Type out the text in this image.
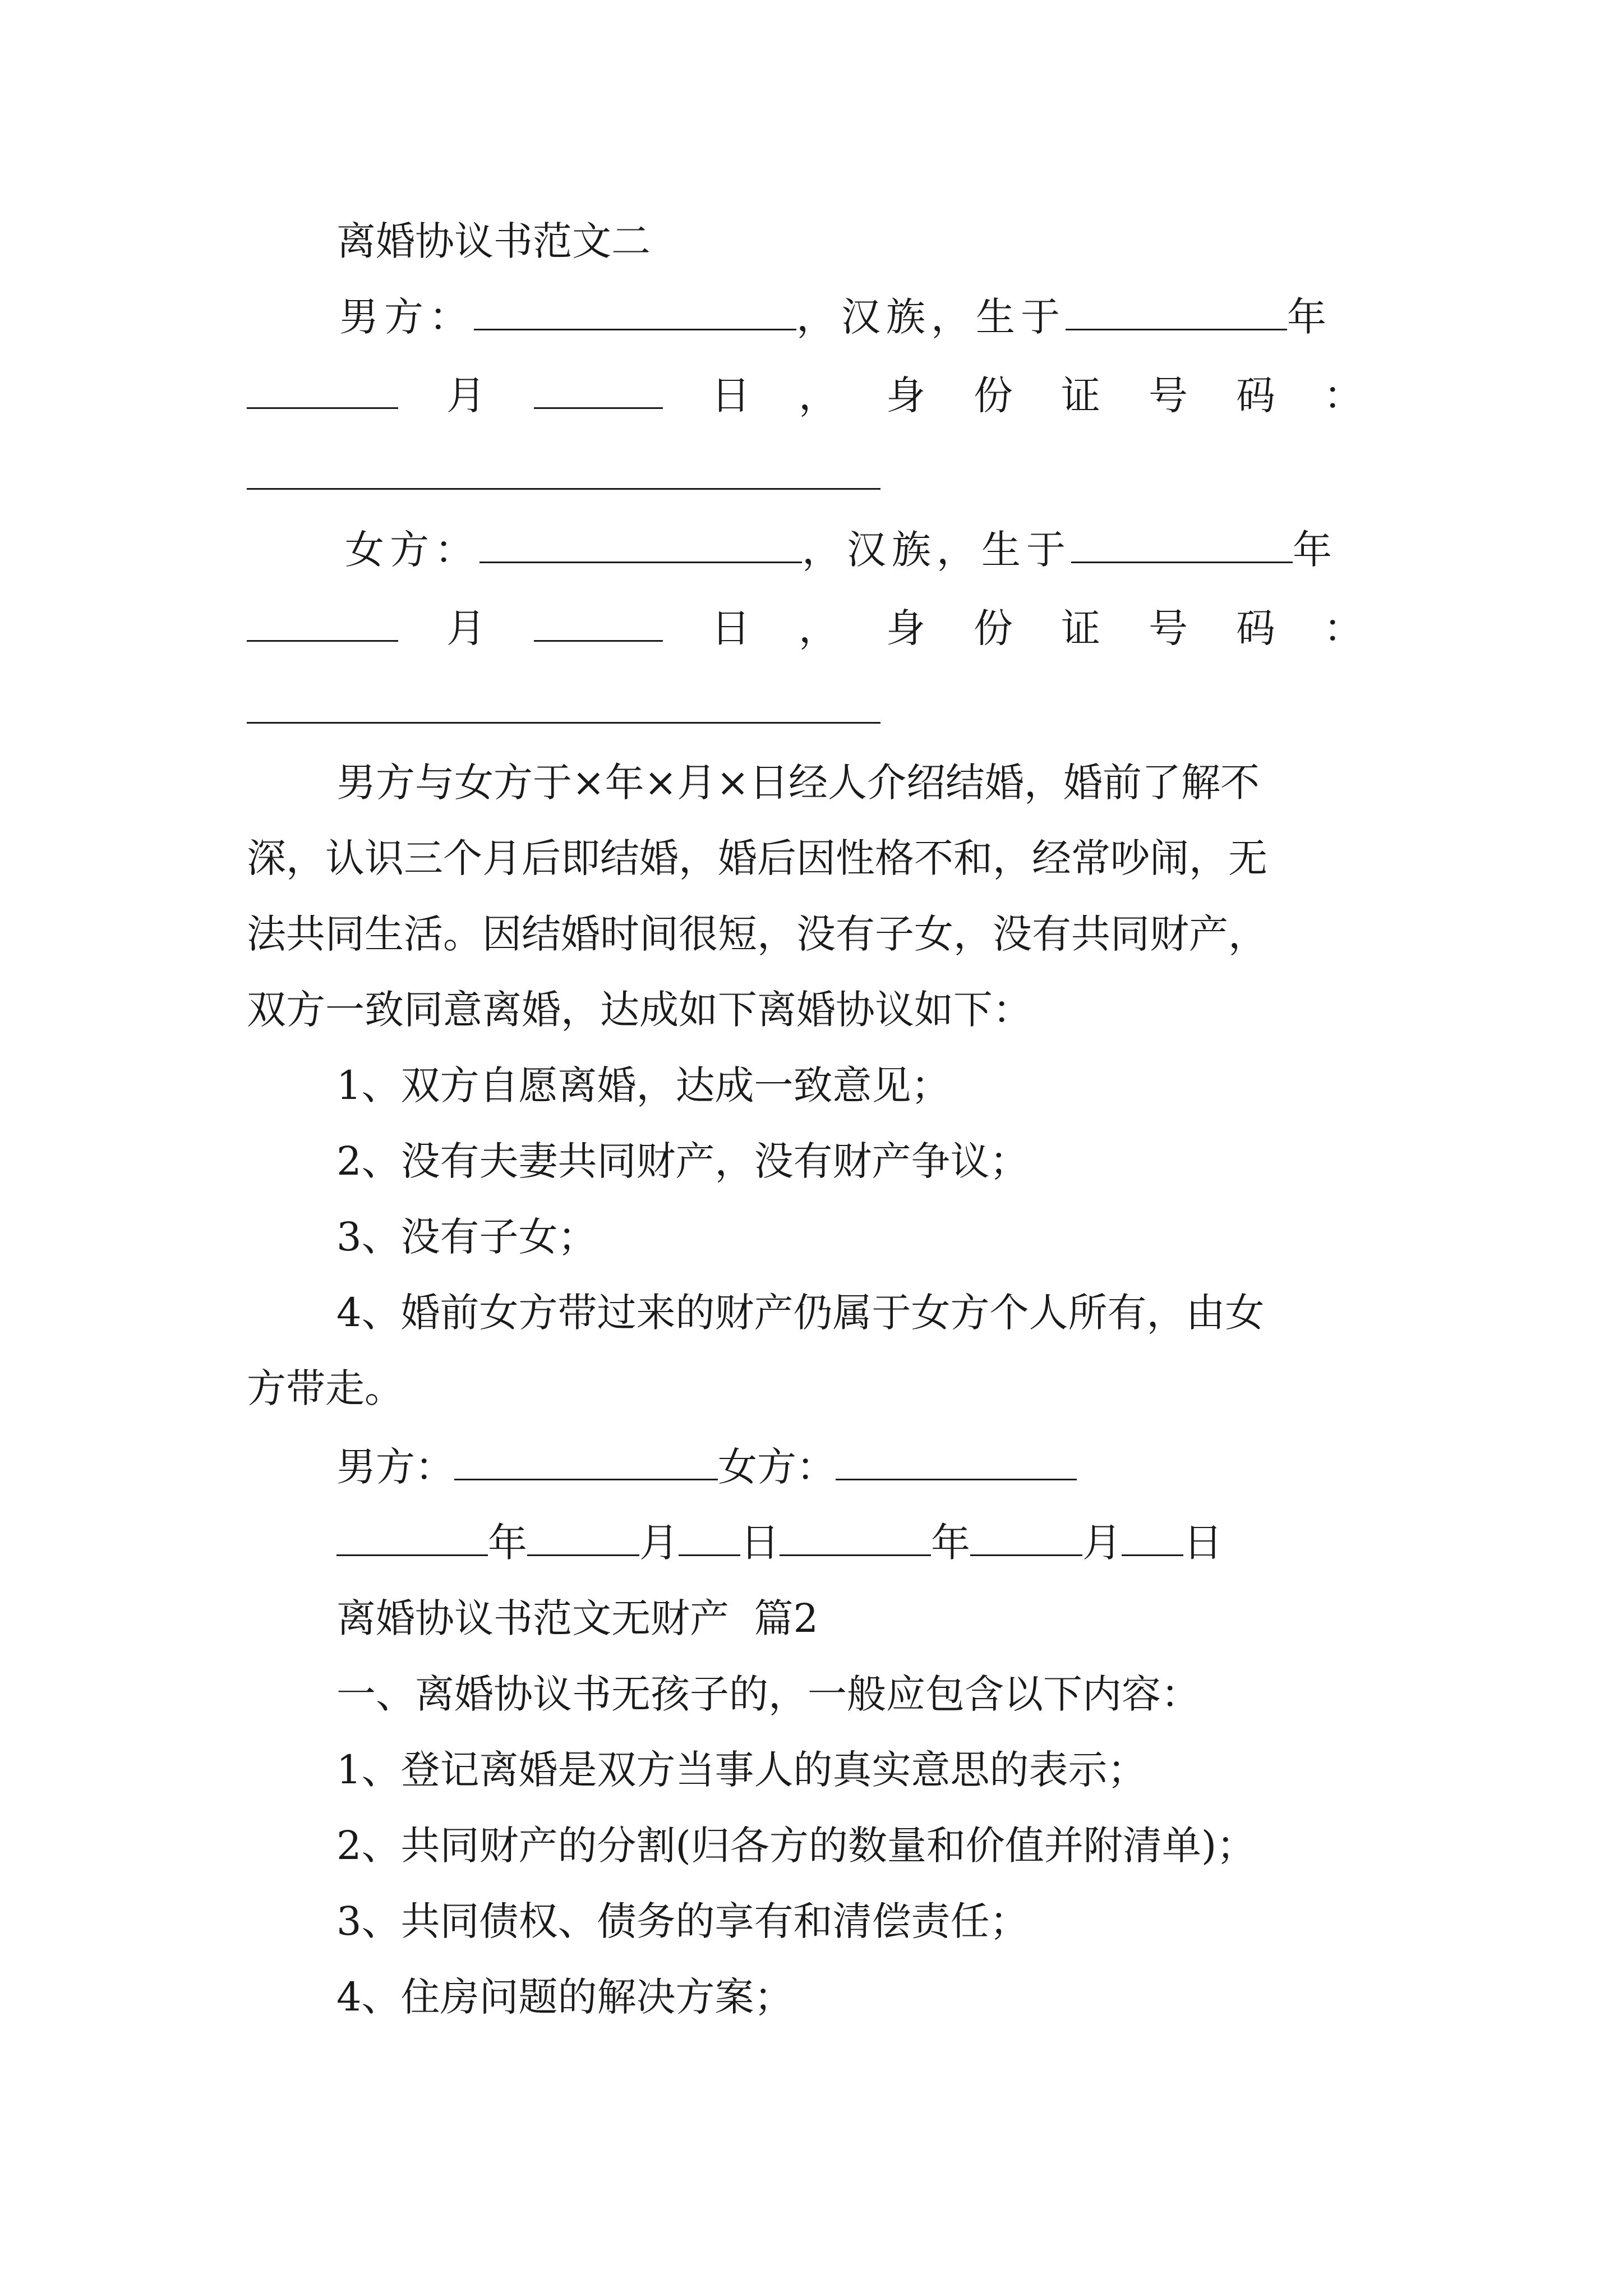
离婚协议书范文二
男方：	，汉族，生于	年
月	日 ， 身 份 证 号 码 ：
女方：	，汉族，生于	年
月	日 ， 身 份 证 号 码 ：
男方与女方于×年×月×日经人介绍结婚，婚前了解不
深，认识三个月后即结婚，婚后因性格不和，经常吵闹，无
法共同生活。因结婚时间很短，没有子女，没有共同财产，
双方一致同意离婚，达成如下离婚协议如下：
1、双方自愿离婚，达成一致意见；
2、没有夫妻共同财产，没有财产争议；
3、没有子女；
4、婚前女方带过来的财产仍属于女方个人所有，由女
方带走。
男方：	女方：
年	月 日	年	月 日
离婚协议书范文无财产  篇2
一、离婚协议书无孩子的，一般应包含以下内容：
1、登记离婚是双方当事人的真实意思的表示；
2、共同财产的分割(归各方的数量和价值并附清单)；
3、共同债权、债务的享有和清偿责任；
4、住房问题的解决方案；
